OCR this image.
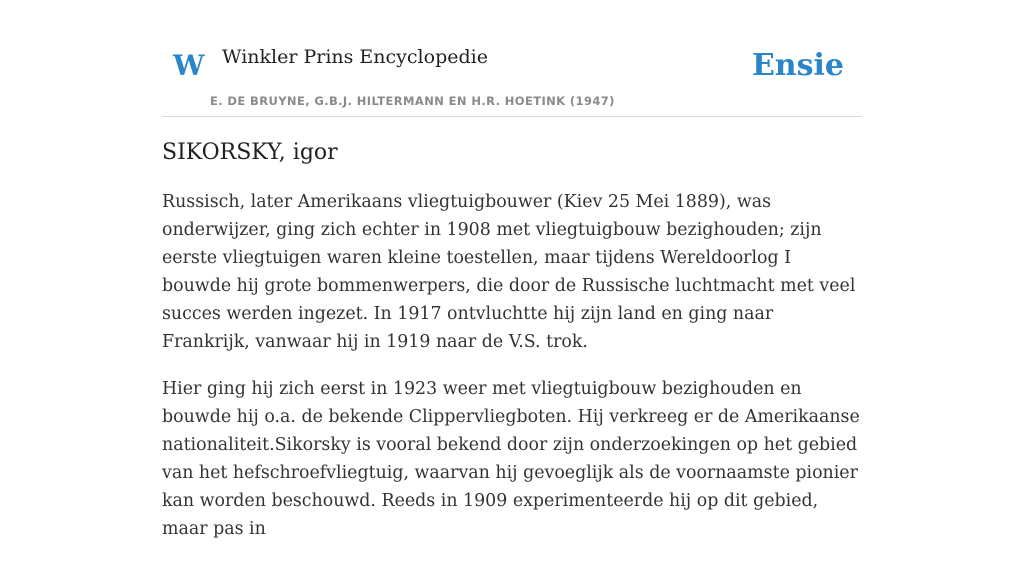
W Winkler Prins Encyclopedie
E. DE BRUYNE, G.B.J. HILTERMANN EN H.R. HOETINK (1947)
Ensie
SIKORSKY, igor

Russisch, later Amerikaans vliegtuigbouwer (Kiev 25 Mei 1889), was onderwijzer, ging zich echter in 1908 met vliegtuigbouw bezighouden; zijn eerste vliegtuigen waren kleine toestellen, maar tijdens Wereldoorlog I bouwde hij grote bommenwerpers, die door de Russische luchtmacht met veel succes werden ingezet. In 1917 ontvluchtte hij zijn land en ging naar Frankrijk, vanwaar hij in 1919 naar de V.S. trok.

Hier ging hij zich eerst in 1923 weer met vliegtuigbouw bezighouden en bouwde hij o.a. de bekende Clippervliegboten. Hij verkreeg er de Amerikaanse nationaliteit.Sikorsky is vooral bekend door zijn onderzoekingen op het gebied van het hefschroefvliegtuig, waarvan hij gevoeglijk als de voornaamste pionier kan worden beschouwd. Reeds in 1909 experimenteerde hij op dit gebied, maar pas in
